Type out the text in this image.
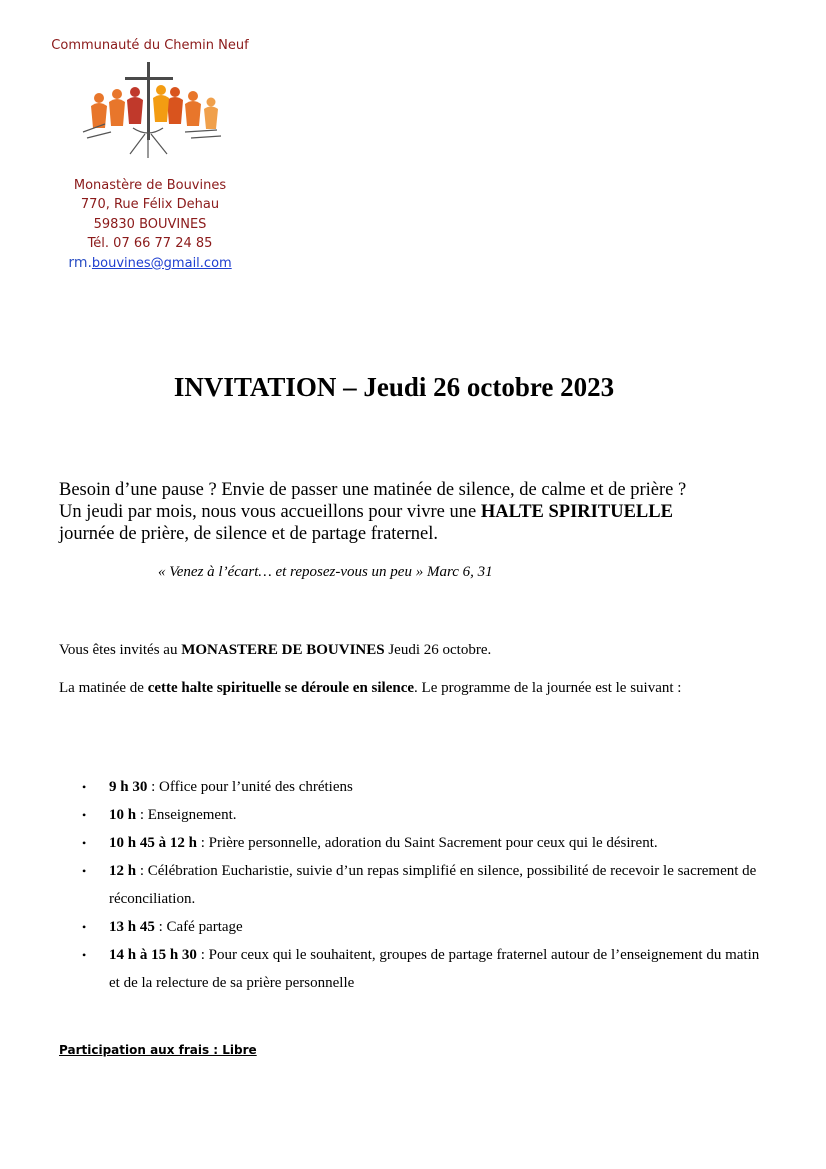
Communauté du Chemin Neuf
Monastère de Bouvines
770, Rue Félix Dehau
59830 BOUVINES
Tél. 07 66 77 24 85
rm.bouvines@gmail.com
INVITATION – Jeudi 26 octobre 2023
Besoin d’une pause ? Envie de passer une matinée de silence, de calme et de prière ?
Un jeudi par mois, nous vous accueillons pour vivre une HALTE SPIRITUELLE
journée de prière, de silence et de partage fraternel.
« Venez à l’écart… et reposez-vous un peu » Marc 6, 31
Vous êtes invités au MONASTERE DE BOUVINES Jeudi 26 octobre.
La matinée de cette halte spirituelle se déroule en silence. Le programme de la journée est le suivant :
• 9 h 30 : Office pour l’unité des chrétiens
• 10 h : Enseignement.
• 10 h 45 à 12 h : Prière personnelle, adoration du Saint Sacrement pour ceux qui le désirent.
• 12 h : Célébration Eucharistie, suivie d’un repas simplifié en silence, possibilité de recevoir le sacrement de réconciliation.
• 13 h 45 : Café partage
• 14 h à 15 h 30 : Pour ceux qui le souhaitent, groupes de partage fraternel autour de l’enseignement du matin et de la relecture de sa prière personnelle
Participation aux frais : Libre
